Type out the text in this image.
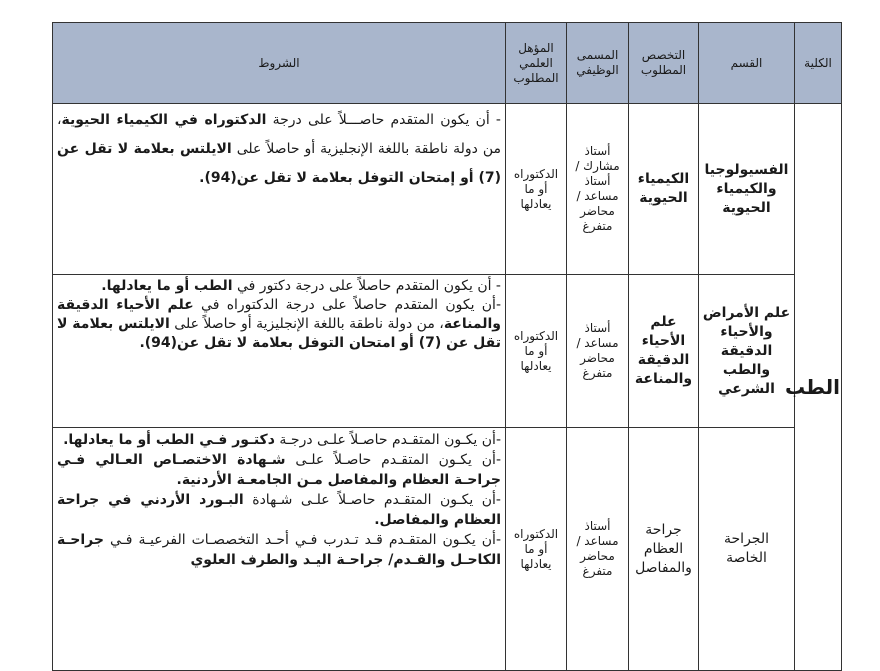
الكلية	القسم	التخصص المطلوب	المسمى الوظيفي	المؤهل العلمي المطلوب	الشروط
الطب	الفسيولوجيا والكيمياء الحيوية	الكيمياء الحيوية	أستاذ مشارك / أستاذ مساعد / محاضر متفرغ	الدكتوراه أو ما يعادلها	- أن يكون المتقدم حاصـــلاً على درجة الدكتوراه في الكيمياء الحيوية، من دولة ناطقة باللغة الإنجليزية أو حاصلاً على الايلتس بعلامة لا تقل عن (7) أو إمتحان التوفل بعلامة لا تقل عن(94).

	علم الأمراض والأحياء الدقيقة والطب الشرعي	علم الأحياء الدقيقة والمناعة	أستاذ مساعد / محاضر متفرغ	الدكتوراه أو ما يعادلها	- أن يكون المتقدم حاصلاً على درجة دكتور في الطب أو ما يعادلها.

-أن يكون المتقدم حاصلاً على درجة الدكتوراه في علم الأحياء الدقيقة والمناعة، من دولة ناطقة باللغة الإنجليزية أو حاصلاً على الايلتس بعلامة لا تقل عن (7) أو امتحان التوفل بعلامة لا تقل عن(94).

	الجراحة الخاصة	جراحة العظام والمفاصل	أستاذ مساعد / محاضر متفرغ	الدكتوراه أو ما يعادلها	-أن يكـون المتقـدم حاصـلاً علـى درجـة دكتـور فـي الطب أو ما يعادلها.

-أن يكـون المتقـدم حاصـلاً علـى شـهادة الاختصـاص العـالي فـي جراحـة العظام والمفاصل مـن الجامعـة الأردنية.

-أن يكـون المتقـدم حاصـلاً علـى شـهادة البـورد الأردني في جراحة العظام والمفاصل.

-أن يكـون المتقـدم قـد تـدرب فـي أحـد التخصصـات الفرعيـة فـي جراحـة الكاحـل والقـدم/ جراحـة اليـد والطرف العلوي
